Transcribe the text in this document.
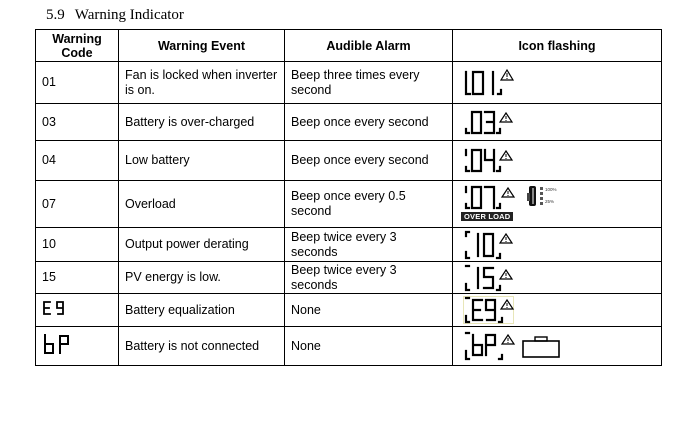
5.9 Warning Indicator
Warning Code	Warning Event	Audible Alarm	Icon flashing
01	Fan is locked when inverter is on.	Beep three times every second	

03	Battery is over-charged	Beep once every second	

04	Low battery	Beep once every second	

07	Overload	Beep once every 0.5 second	100%
25%
OVER LOAD

10	Output power derating	Beep twice every 3 seconds	

15	PV energy is low.	Beep twice every 3 seconds	

	Battery equalization	None	

	Battery is not connected	None	
